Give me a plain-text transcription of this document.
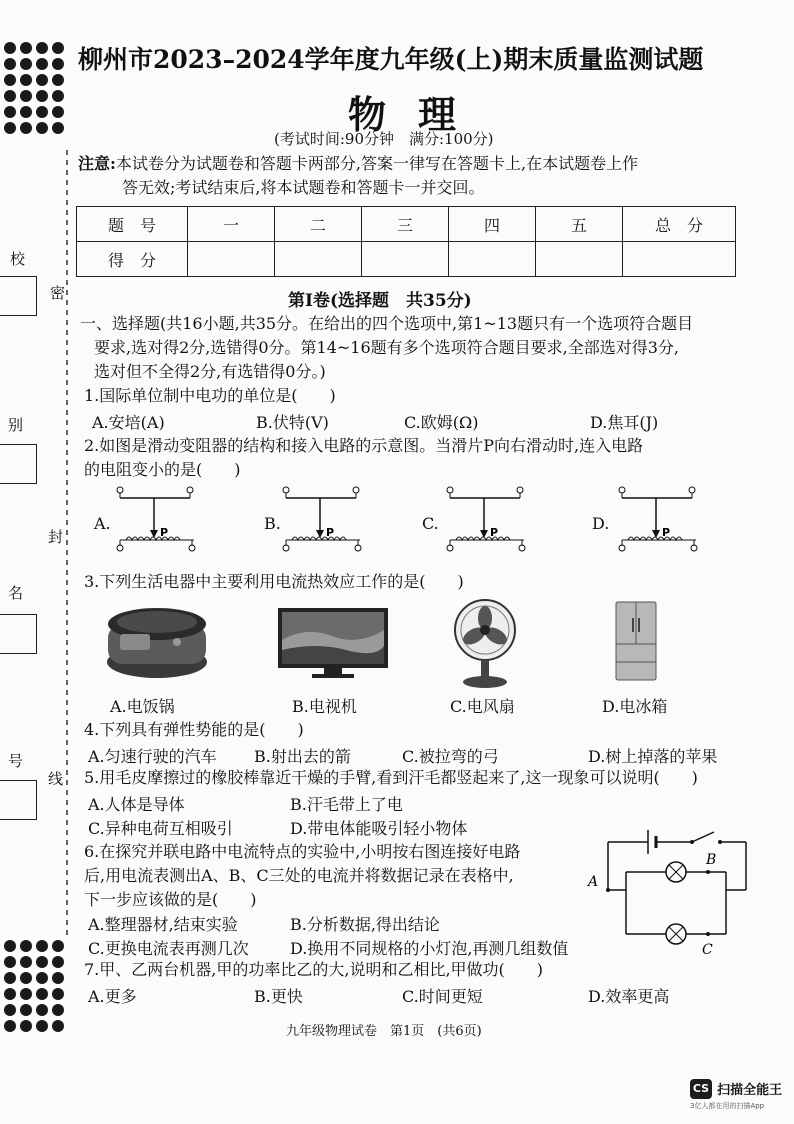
校
密
别
封
名
号
线
柳州市2023–2024学年度九年级(上)期末质量监测试题
物理
(考试时间:90分钟　满分:100分)
注意:本试卷分为试题卷和答题卡两部分,答案一律写在答题卡上,在本试题卷上作
答无效;考试结束后,将本试题卷和答题卡一并交回。
题　号	一	二	三	四	五	总　分
得　分						
第Ⅰ卷(选择题　共35分)
一、选择题(共16小题,共35分。在给出的四个选项中,第1~13题只有一个选项符合题目
要求,选对得2分,选错得0分。第14~16题有多个选项符合题目要求,全部选对得3分,
选对但不全得2分,有选错得0分。)
1.国际单位制中电功的单位是(　　)
A.安培(A)	B.伏特(V)	C.欧姆(Ω)	D.焦耳(J)
2.如图是滑动变阻器的结构和接入电路的示意图。当滑片P向右滑动时,连入电路
的电阻变小的是(　　)
A.	B.	C.	D.
P	P	P	P
3.下列生活电器中主要利用电流热效应工作的是(　　)
A.电饭锅	B.电视机	C.电风扇	D.电冰箱
4.下列具有弹性势能的是(　　)
A.匀速行驶的汽车 B.射出去的箭	C.被拉弯的弓	D.树上掉落的苹果
5.用毛皮摩擦过的橡胶棒靠近干燥的手臂,看到汗毛都竖起来了,这一现象可以说明(　　)
A.人体是导体	B.汗毛带上了电
C.异种电荷互相吸引	D.带电体能吸引轻小物体
6.在探究并联电路中电流特点的实验中,小明按右图连接好电路
后,用电流表测出A、B、C三处的电流并将数据记录在表格中,
下一步应该做的是(　　)
A.整理器材,结束实验	B.分析数据,得出结论
C.更换电流表再测几次	D.换用不同规格的小灯泡,再测几组数值
A
B
C
7.甲、乙两台机器,甲的功率比乙的大,说明和乙相比,甲做功(　　)
A.更多	B.更快	C.时间更短	D.效率更高
九年级物理试卷　第1页　(共6页)
CS 扫描全能王
3亿人都在用的扫描App
